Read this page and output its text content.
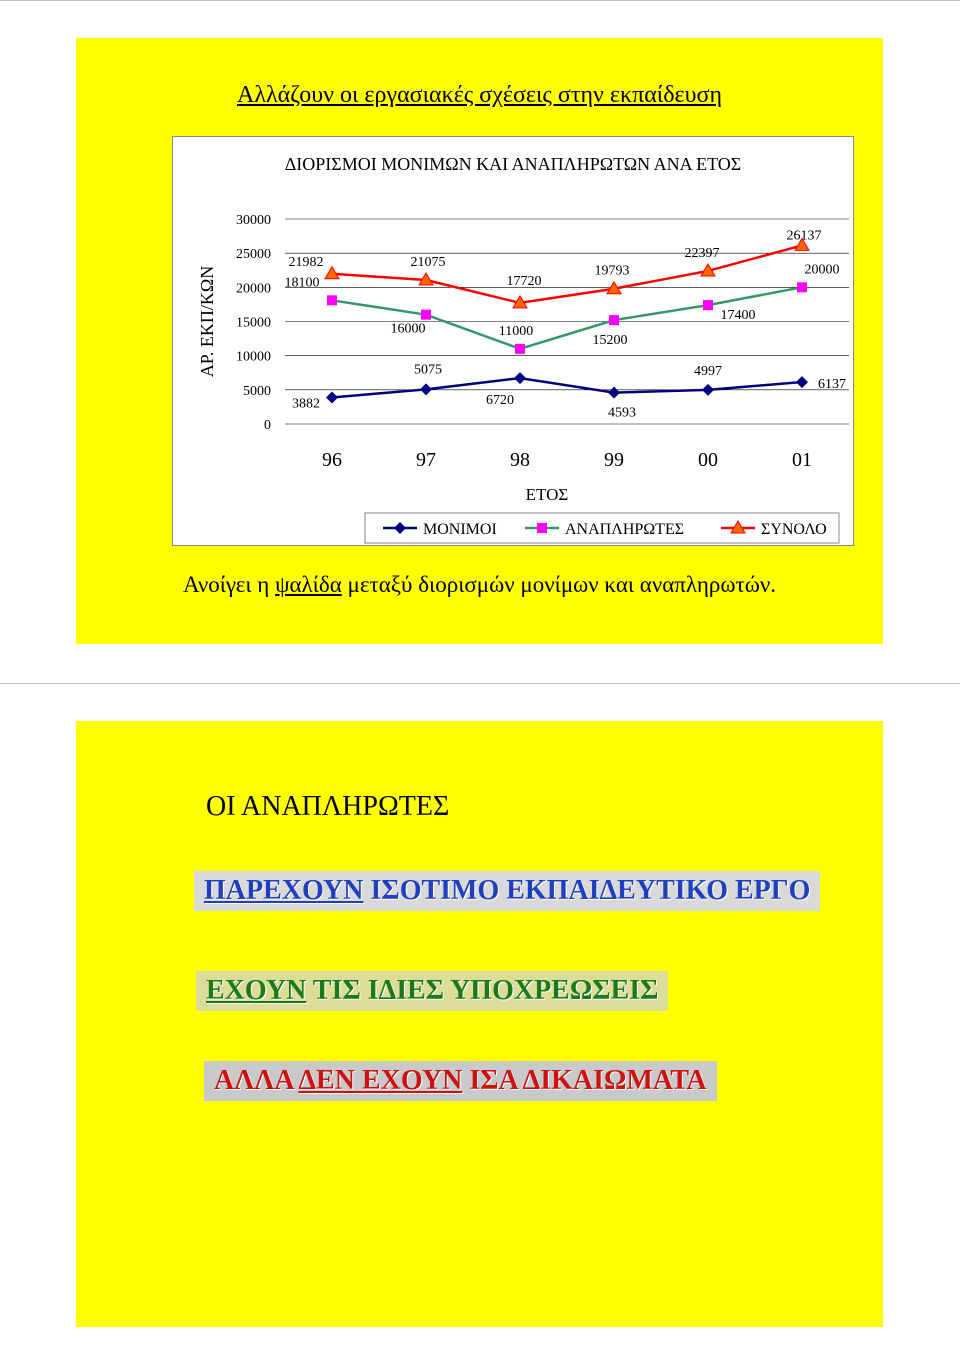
Αλλάζουν οι εργασιακές σχέσεις στην εκπαίδευση
ΔΙΟΡΙΣΜΟΙ ΜΟΝΙΜΩΝ ΚΑΙ ΑΝΑΠΛΗΡΩΤΩΝ ΑΝΑ ΕΤΟΣ
ΑΡ. ΕΚΠ/ΚΩΝ
0
5000
10000
15000
20000
25000
30000
96	97	98	99	00	01
ΕΤΟΣ
3882
5075
6720
4593
4997
6137
18100
16000	11000
15200
17400
20000
21982	21075
17720
19793
22397
26137
ΜΟΝΙΜΟΙ	ΑΝΑΠΛΗΡΩΤΕΣ	ΣΥΝΟΛΟ
Ανοίγει η ψαλίδα μεταξύ διορισμών μονίμων και αναπληρωτών.
ΟΙ ΑΝΑΠΛΗΡΩΤΕΣ
ΠΑΡΕΧΟΥΝ ΙΣΟΤΙΜΟ ΕΚΠΑΙΔΕΥΤΙΚΟ ΕΡΓΟ
ΕΧΟΥΝ ΤΙΣ ΙΔΙΕΣ ΥΠΟΧΡΕΩΣΕΙΣ
ΑΛΛΑ ΔΕΝ ΕΧΟΥΝ ΙΣΑ ΔΙΚΑΙΩΜΑΤΑ
